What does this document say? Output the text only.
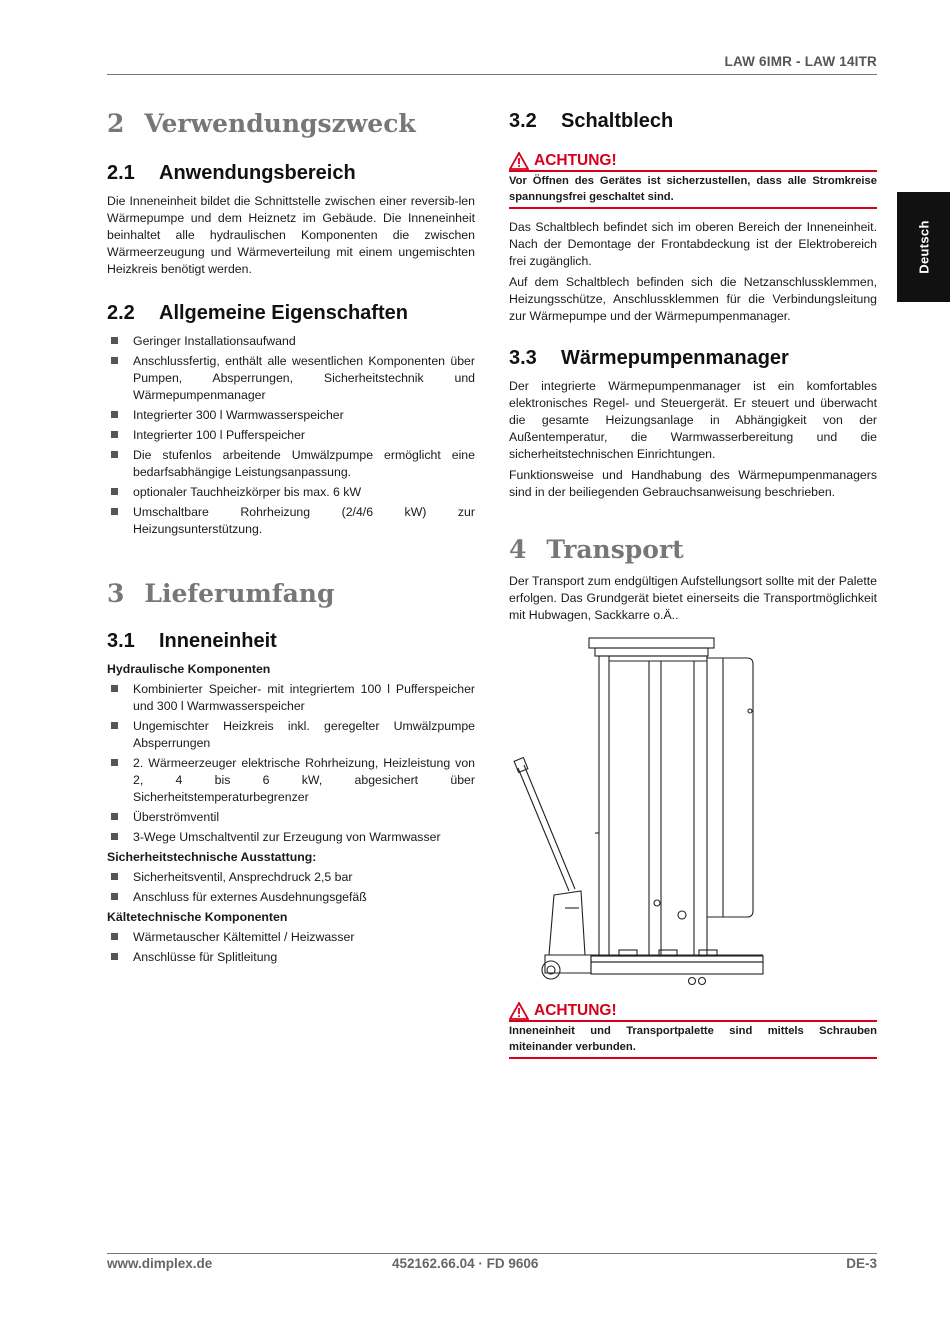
LAW 6IMR - LAW 14ITR
Deutsch
2 Verwendungszweck
2.1 Anwendungsbereich

Die Inneneinheit bildet die Schnittstelle zwischen einer reversib-len Wärmepumpe und dem Heiznetz im Gebäude. Die Inneneinheit beinhaltet alle hydraulischen Komponenten die zwischen Wärmeerzeugung und Wärmeverteilung mit einem ungemischten Heizkreis benötigt werden.

2.2 Allgemeine Eigenschaften
Geringer Installationsaufwand
Anschlussfertig, enthält alle wesentlichen Komponenten über Pumpen, Absperrungen, Sicherheitstechnik und Wärmepumpenmanager
Integrierter 300 l Warmwasserspeicher
Integrierter 100 l Pufferspeicher
Die stufenlos arbeitende Umwälzpumpe ermöglicht eine bedarfsabhängige Leistungsanpassung.
optionaler Tauchheizkörper bis max. 6 kW
Umschaltbare Rohrheizung (2/4/6 kW) zur Heizungsunterstützung.
3 Lieferumfang
3.1 Inneneinheit
Hydraulische Komponenten
Kombinierter Speicher- mit integriertem 100 l Pufferspeicher und 300 l Warmwasserspeicher
Ungemischter Heizkreis inkl. geregelter Umwälzpumpe Absperrungen
2. Wärmeerzeuger elektrische Rohrheizung, Heizleistung von 2, 4 bis 6 kW, abgesichert über Sicherheitstemperaturbegrenzer
Überströmventil
3-Wege Umschaltventil zur Erzeugung von Warmwasser
Sicherheitstechnische Ausstattung:
Sicherheitsventil, Ansprechdruck 2,5 bar
Anschluss für externes Ausdehnungsgefäß
Kältetechnische Komponenten
Wärmetauscher Kältemittel / Heizwasser
Anschlüsse für Splitleitung
3.2 Schaltblech
ACHTUNG!
Vor Öffnen des Gerätes ist sicherzustellen, dass alle Stromkreise spannungsfrei geschaltet sind.

Das Schaltblech befindet sich im oberen Bereich der Inneneinheit. Nach der Demontage der Frontabdeckung ist der Elektrobereich frei zugänglich.

Auf dem Schaltblech befinden sich die Netzanschlussklemmen, Heizungsschütze, Anschlussklemmen für die Verbindungsleitung zur Wärmepumpe und der Wärmepumpenmanager.

3.3 Wärmepumpenmanager

Der integrierte Wärmepumpenmanager ist ein komfortables elektronisches Regel- und Steuergerät. Er steuert und überwacht die gesamte Heizungsanlage in Abhängigkeit von der Außentemperatur, die Warmwasserbereitung und die sicherheitstechnischen Einrichtungen.

Funktionsweise und Handhabung des Wärmepumpenmanagers sind in der beiliegenden Gebrauchsanweisung beschrieben.

4 Transport

Der Transport zum endgültigen Aufstellungsort sollte mit der Palette erfolgen. Das Grundgerät bietet einerseits die Transportmöglichkeit mit Hubwagen, Sackkarre o.Ä..

ACHTUNG!
Inneneinheit und Transportpalette sind mittels Schrauben miteinander verbunden.
www.dimplex.de	452162.66.04 · FD 9606	DE-3
